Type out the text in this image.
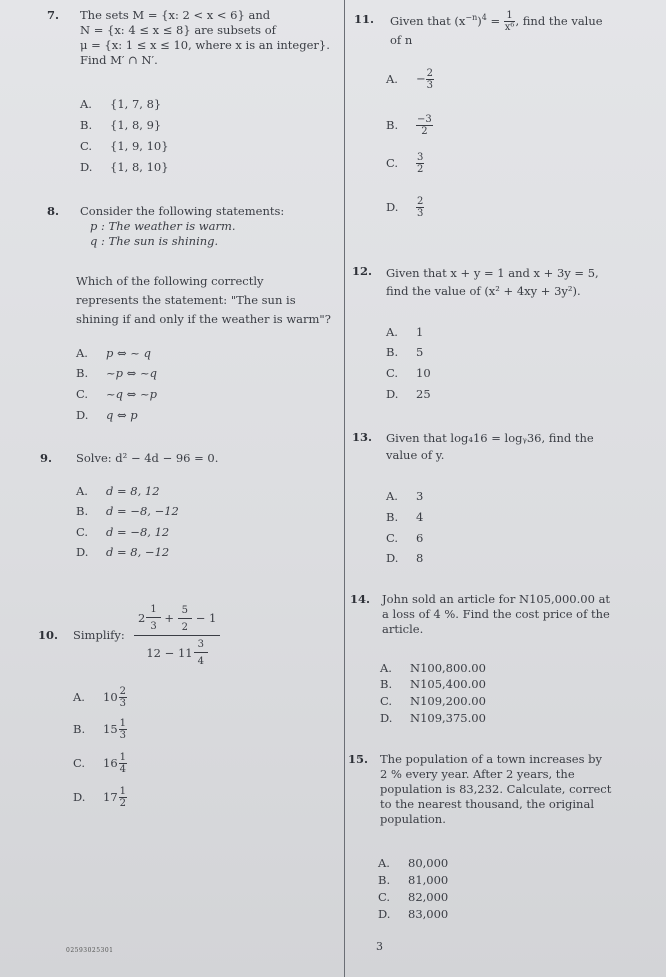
7. The sets M = {x: 2 < x < 6} and
N = {x: 4 ≤ x ≤ 8} are subsets of
μ = {x: 1 ≤ x ≤ 10, where x is an integer}.
Find M′ ∩ N′.
A. {1, 7, 8}
B. {1, 8, 9}
C. {1, 9, 10}
D. {1, 8, 10}
8. Consider the following statements:
p : The weather is warm.
q : The sun is shining.
Which of the following correctly
represents the statement: "The sun is
shining if and only if the weather is warm"?
A. p ⇔ ~ q
B. ~p ⇔ ~q
C. ~q ⇔ ~p
D. q ⇔ p
9. Solve: d² − 4d − 96 = 0.
A. d = 8, 12
B. d = −8, −12
C. d = −8, 12
D. d = 8, −12
10. Simplify: $\frac{2 \frac{1}{3} + \frac{5}{2} - 1}{12 - 11 \frac{3}{4}}$
A. $10 \frac{2}{3}$
B. $15 \frac{1}{3}$
C. $16 \frac{1}{4}$
D. $17 \frac{1}{2}$
11. Given that $(x^{-n})^4 = \frac{1}{\text{x⁶}}$ , find the value
of n
A. − $\frac{2}{3}$
B. $\frac{-3}{2}$
C. $\frac{3}{2}$
D. $\frac{2}{3}$
12. Given that x + y = 1 and x + 3y = 5,
find the value of (x² + 4xy + 3y²).
A. 1
B. 5
C. 10
D. 25
13. Given that log₄16 = logᵧ36, find the
value of y.
A. 3
B. 4
C. 6
D. 8
14. John sold an article for N105,000.00 at
a loss of 4 %. Find the cost price of the
article.
A. N100,800.00
B. N105,400.00
C. N109,200.00
D. N109,375.00
15. The population of a town increases by
2 % every year. After 2 years, the
population is 83,232. Calculate, correct
to the nearest thousand, the original
population.
A. 80,000
B. 81,000
C. 82,000
D. 83,000
02593025301	3
